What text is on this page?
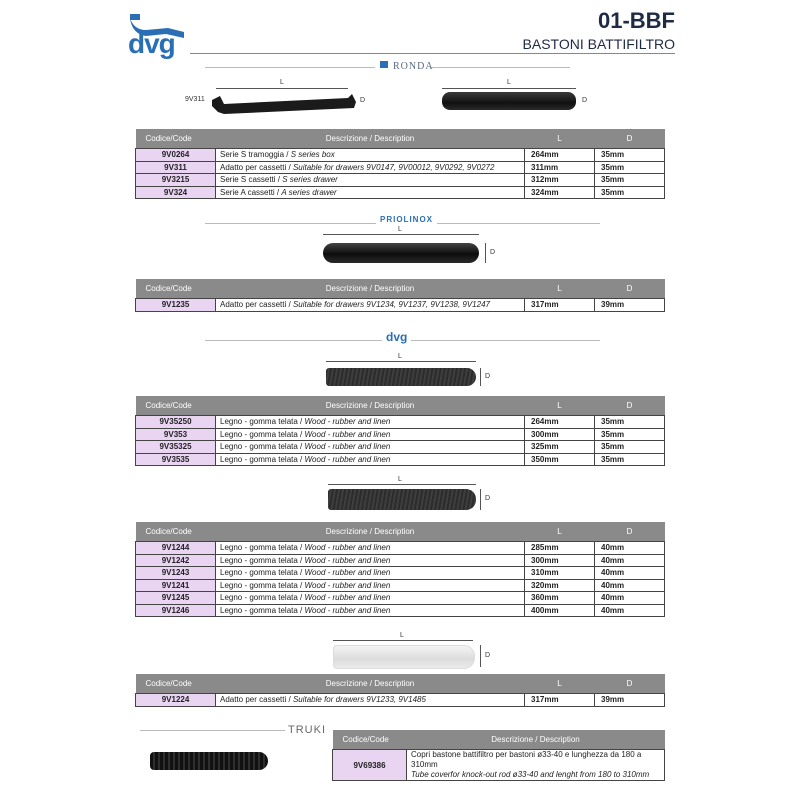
dvg
01-BBF
BASTONI BATTIFILTRO
RONDA
9V311
L
D
L
D
Codice/Code	Descrizione / Description	L	D
9V0264	Serie S tramoggia / S series box	264mm	35mm
9V311	Adatto per cassetti / Suitable for drawers 9V0147, 9V00012, 9V0292, 9V0272	311mm	35mm
9V3215	Serie S cassetti / S series drawer	312mm	35mm
9V324	Serie A cassetti / A series drawer	324mm	35mm
PRIOLINOX
L
D
Codice/Code	Descrizione / Description	L	D
9V1235	Adatto per cassetti / Suitable for drawers 9V1234, 9V1237, 9V1238, 9V1247	317mm	39mm
dvg
L
D
Codice/Code	Descrizione / Description	L	D
9V35250	Legno - gomma telata / Wood - rubber and linen	264mm	35mm
9V353	Legno - gomma telata / Wood - rubber and linen	300mm	35mm
9V35325	Legno - gomma telata / Wood - rubber and linen	325mm	35mm
9V3535	Legno - gomma telata / Wood - rubber and linen	350mm	35mm
L
D
Codice/Code	Descrizione / Description	L	D
9V1244	Legno - gomma telata / Wood - rubber and linen	285mm	40mm
9V1242	Legno - gomma telata / Wood - rubber and linen	300mm	40mm
9V1243	Legno - gomma telata / Wood - rubber and linen	310mm	40mm
9V1241	Legno - gomma telata / Wood - rubber and linen	320mm	40mm
9V1245	Legno - gomma telata / Wood - rubber and linen	360mm	40mm
9V1246	Legno - gomma telata / Wood - rubber and linen	400mm	40mm
L
D
Codice/Code	Descrizione / Description	L	D
9V1224	Adatto per cassetti / Suitable for drawers 9V1233, 9V1485	317mm	39mm
TRUKI
Codice/Code	Descrizione / Description
9V69386	Copri bastone battifiltro per bastoni ø33-40 e lunghezza da 180 a 310mm
Tube coverfor knock-out rod ø33-40 and lenght from 180 to 310mm
